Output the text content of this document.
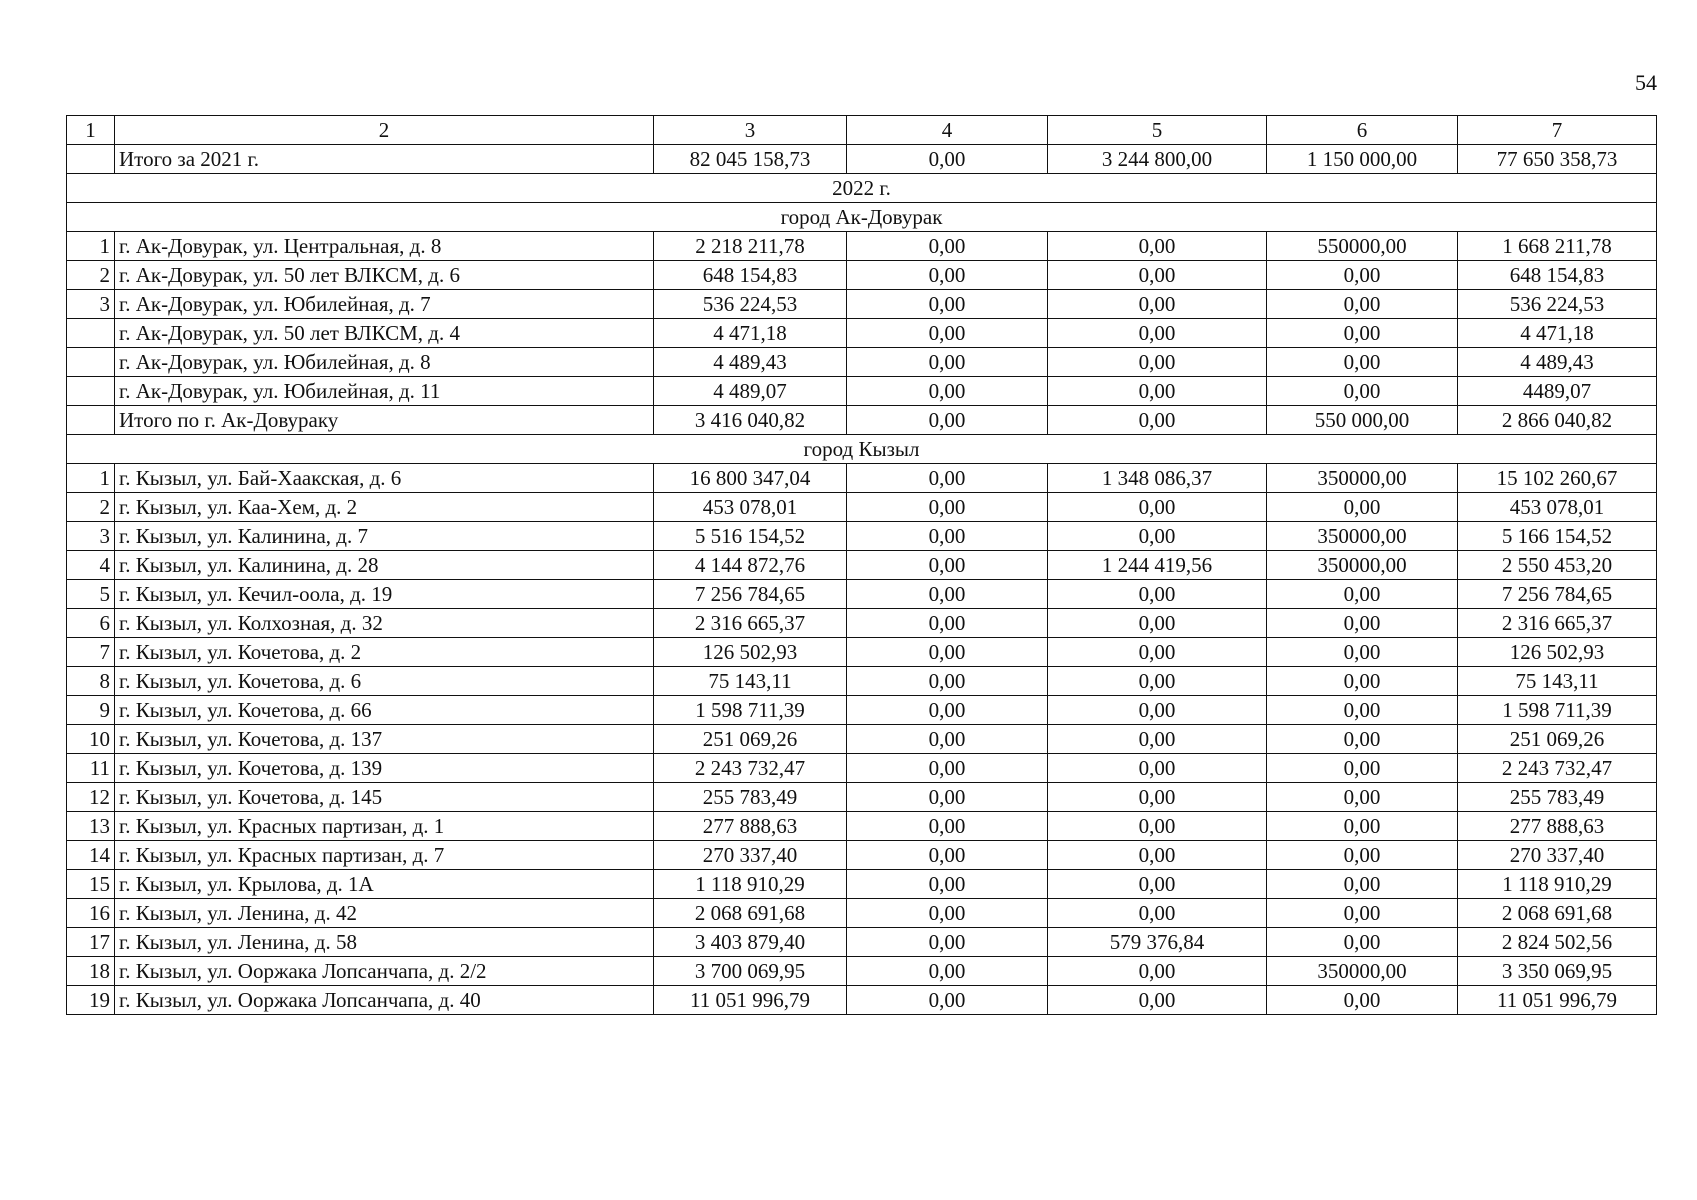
54
1	2	3	4	5	6	7
	Итого за 2021 г.	82 045 158,73	0,00	3 244 800,00	1 150 000,00	77 650 358,73
2022 г.						
город Ак-Довурак						
1	г. Ак-Довурак, ул. Центральная, д. 8	2 218 211,78	0,00	0,00	550000,00	1 668 211,78
2	г. Ак-Довурак, ул. 50 лет ВЛКСМ, д. 6	648 154,83	0,00	0,00	0,00	648 154,83
3	г. Ак-Довурак, ул. Юбилейная, д. 7	536 224,53	0,00	0,00	0,00	536 224,53
	г. Ак-Довурак, ул. 50 лет ВЛКСМ, д. 4	4 471,18	0,00	0,00	0,00	4 471,18
	г. Ак-Довурак, ул. Юбилейная, д. 8	4 489,43	0,00	0,00	0,00	4 489,43
	г. Ак-Довурак, ул. Юбилейная, д. 11	4 489,07	0,00	0,00	0,00	4489,07
	Итого по г. Ак-Довураку	3 416 040,82	0,00	0,00	550 000,00	2 866 040,82
город Кызыл						
1	г. Кызыл, ул. Бай-Хаакская, д. 6	16 800 347,04	0,00	1 348 086,37	350000,00	15 102 260,67
2	г. Кызыл, ул. Каа-Хем, д. 2	453 078,01	0,00	0,00	0,00	453 078,01
3	г. Кызыл, ул. Калинина, д. 7	5 516 154,52	0,00	0,00	350000,00	5 166 154,52
4	г. Кызыл, ул. Калинина, д. 28	4 144 872,76	0,00	1 244 419,56	350000,00	2 550 453,20
5	г. Кызыл, ул. Кечил-оола, д. 19	7 256 784,65	0,00	0,00	0,00	7 256 784,65
6	г. Кызыл, ул. Колхозная, д. 32	2 316 665,37	0,00	0,00	0,00	2 316 665,37
7	г. Кызыл, ул. Кочетова, д. 2	126 502,93	0,00	0,00	0,00	126 502,93
8	г. Кызыл, ул. Кочетова, д. 6	75 143,11	0,00	0,00	0,00	75 143,11
9	г. Кызыл, ул. Кочетова, д. 66	1 598 711,39	0,00	0,00	0,00	1 598 711,39
10	г. Кызыл, ул. Кочетова, д. 137	251 069,26	0,00	0,00	0,00	251 069,26
11	г. Кызыл, ул. Кочетова, д. 139	2 243 732,47	0,00	0,00	0,00	2 243 732,47
12	г. Кызыл, ул. Кочетова, д. 145	255 783,49	0,00	0,00	0,00	255 783,49
13	г. Кызыл, ул. Красных партизан, д. 1	277 888,63	0,00	0,00	0,00	277 888,63
14	г. Кызыл, ул. Красных партизан, д. 7	270 337,40	0,00	0,00	0,00	270 337,40
15	г. Кызыл, ул. Крылова, д. 1А	1 118 910,29	0,00	0,00	0,00	1 118 910,29
16	г. Кызыл, ул. Ленина, д. 42	2 068 691,68	0,00	0,00	0,00	2 068 691,68
17	г. Кызыл, ул. Ленина, д. 58	3 403 879,40	0,00	579 376,84	0,00	2 824 502,56
18	г. Кызыл, ул. Ооржака Лопсанчапа, д. 2/2	3 700 069,95	0,00	0,00	350000,00	3 350 069,95
19	г. Кызыл, ул. Ооржака Лопсанчапа, д. 40	11 051 996,79	0,00	0,00	0,00	11 051 996,79
